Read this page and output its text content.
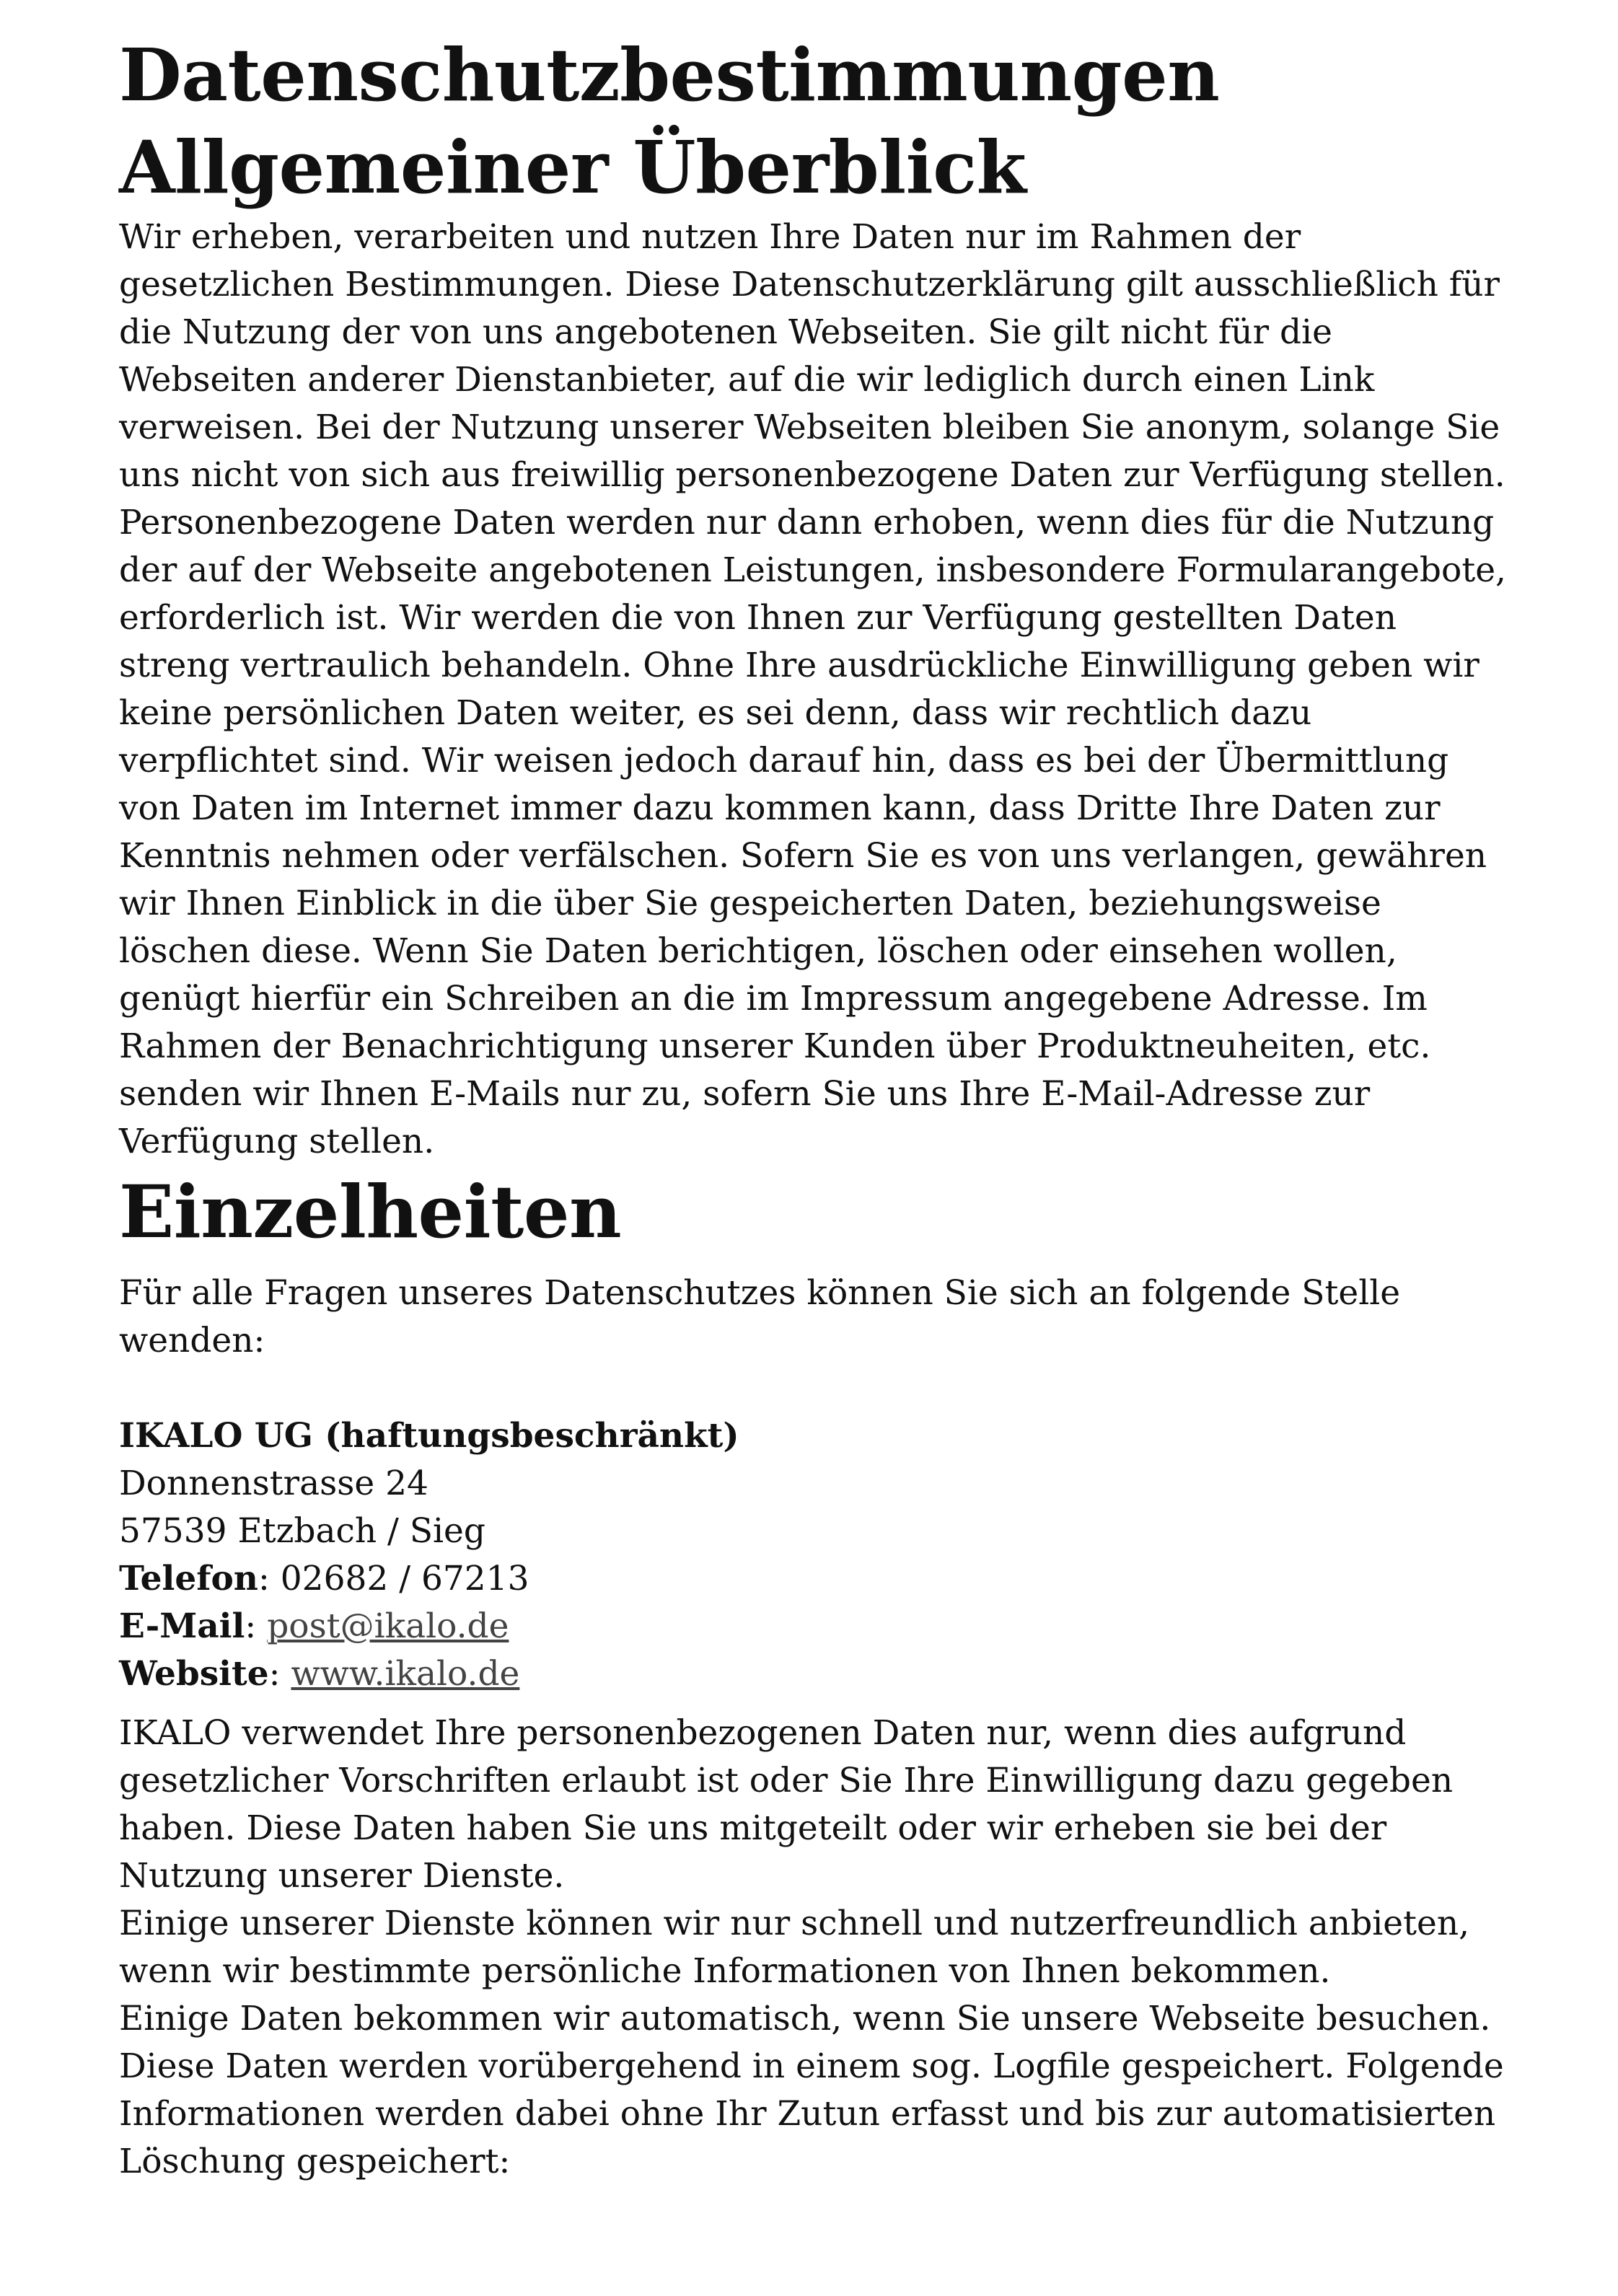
Datenschutzbestimmungen
Allgemeiner Überblick

Wir erheben, verarbeiten und nutzen Ihre Daten nur im Rahmen der gesetzlichen Bestimmungen. Diese Datenschutzerklärung gilt ausschließlich für die Nutzung der von uns angebotenen Webseiten. Sie gilt nicht für die Webseiten anderer Dienstanbieter, auf die wir lediglich durch einen Link verweisen. Bei der Nutzung unserer Webseiten bleiben Sie anonym, solange Sie uns nicht von sich aus freiwillig personenbezogene Daten zur Verfügung stellen. Personenbezogene Daten werden nur dann erhoben, wenn dies für die Nutzung der auf der Webseite angebotenen Leistungen, insbesondere Formularangebote, erforderlich ist. Wir werden die von Ihnen zur Verfügung gestellten Daten streng vertraulich behandeln. Ohne Ihre ausdrückliche Einwilligung geben wir keine persönlichen Daten weiter, es sei denn, dass wir rechtlich dazu verpflichtet sind. Wir weisen jedoch darauf hin, dass es bei der Übermittlung von Daten im Internet immer dazu kommen kann, dass Dritte Ihre Daten zur Kenntnis nehmen oder verfälschen. Sofern Sie es von uns verlangen, gewähren wir Ihnen Einblick in die über Sie gespeicherten Daten, beziehungsweise löschen diese. Wenn Sie Daten berichtigen, löschen oder einsehen wollen, genügt hierfür ein Schreiben an die im Impressum angegebene Adresse. Im Rahmen der Benachrichtigung unserer Kunden über Produktneuheiten, etc. senden wir Ihnen E-Mails nur zu, sofern Sie uns Ihre E-Mail-Adresse zur Verfügung stellen.

Einzelheiten

Für alle Fragen unseres Datenschutzes können Sie sich an folgende Stelle wenden:

IKALO UG (haftungsbeschränkt)
Donnenstrasse 24
57539 Etzbach / Sieg
Telefon: 02682 / 67213
E-Mail: post@ikalo.de
Website: www.ikalo.de

IKALO verwendet Ihre personenbezogenen Daten nur, wenn dies aufgrund gesetzlicher Vorschriften erlaubt ist oder Sie Ihre Einwilligung dazu gegeben haben. Diese Daten haben Sie uns mitgeteilt oder wir erheben sie bei der Nutzung unserer Dienste.

Einige unserer Dienste können wir nur schnell und nutzerfreundlich anbieten, wenn wir bestimmte persönliche Informationen von Ihnen bekommen.

Einige Daten bekommen wir automatisch, wenn Sie unsere Webseite besuchen. Diese Daten werden vorübergehend in einem sog. Logfile gespeichert. Folgende Informationen werden dabei ohne Ihr Zutun erfasst und bis zur automatisierten Löschung gespeichert:
